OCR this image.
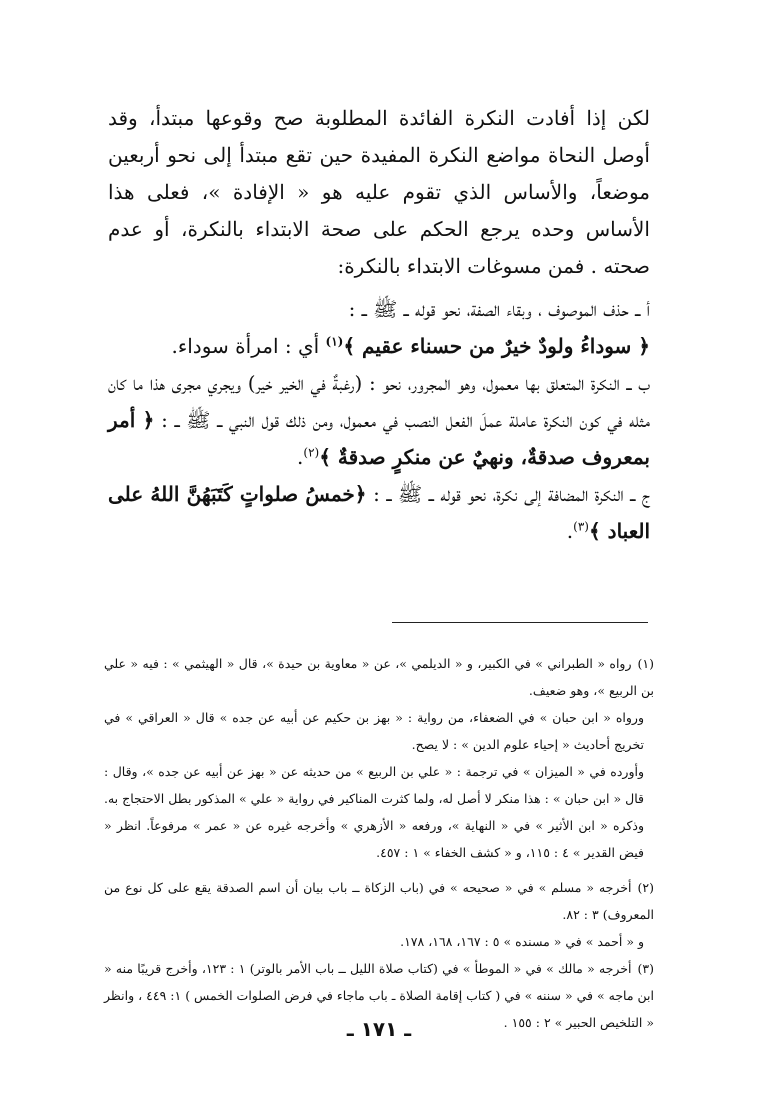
لكن إذا أفادت النكرة الفائدة المطلوبة صح وقوعها مبتدأ، وقد أوصل النحاة مواضع النكرة المفيدة حين تقع مبتدأ إلى نحو أربعين موضعاً، والأساس الذي تقوم عليه هو « الإفادة »، فعلى هذا الأساس وحده يرجع الحكم على صحة الابتداء بالنكرة، أو عدم صحته . فمن مسوغات الابتداء بالنكرة:

أ ــ حذف الموصوف ، وبقاء الصفة، نحو قوله ــ ﷺ ــ :
﴿ سوداءُ ولودٌ خيرٌ من حسناء عقيم ﴾$^{(١)}$ أي : امرأة سوداء.

ب ــ النكرة المتعلق بها معمول، وهو المجرور، نحو : (رغبةٌ في الخير خير) ويجري مجرى هذا ما كان مثله في كون النكرة عاملة عملَ الفعل النصب في معمول، ومن ذلك قول النبي ــ ﷺ ــ : ﴿ أمر بمعروف صدقةٌ، ونهيٌ عن منكرٍ صدقةٌ ﴾$^{(٢)}$.

ج ــ النكرة المضافة إلى نكرة، نحو قوله ــ ﷺ ــ : ﴿خمسُ صلواتٍ كَتَبَهُنَّ اللهُ على العباد ﴾$^{(٣)}$.

(١)رواه « الطبراني » في الكبير، و « الديلمي »، عن « معاوية بن حيدة »، قال « الهيثمي » : فيه « علي بن الربيع »، وهو ضعيف.

ورواه « ابن حبان » في الضعفاء، من رواية : « بهز بن حكيم عن أبيه عن جده » قال « العراقي » في تخريج أحاديث « إحياء علوم الدين » : لا يصح.

وأورده في « الميزان » في ترجمة : « علي بن الربيع » من حديثه عن « بهز عن أبيه عن جده »، وقال : قال « ابن حبان » : هذا منكر لا أصل له، ولما كثرت المناكير في رواية « علي » المذكور بطل الاحتجاج به. وذكره « ابن الأثير » في « النهاية »، ورفعه « الأزهري » وأخرجه غيره عن « عمر » مرفوعاً. انظر « فيض القدير » ٤ : ١١٥، و « كشف الخفاء » ١ : ٤٥٧.

(٢)أخرجه « مسلم » في « صحيحه » في (باب الزكاة ــ باب بيان أن اسم الصدقة يقع على كل نوع من المعروف) ٣ : ٨٢.

و « أحمد » في « مسنده » ٥ : ١٦٧، ١٦٨، ١٧٨.

(٣)أخرجه « مالك » في « الموطأ » في (كتاب صلاة الليل ــ باب الأمر بالوتر) ١ : ١٢٣، وأخرج قريبًا منه « ابن ماجه » في « سننه » في ( كتاب إقامة الصلاة ـ باب ماجاء في فرض الصلوات الخمس ) ١: ٤٤٩ ، وانظر « التلخيص الحبير » ٢ : ١٥٥ .

ـ ١٧١ ـ
